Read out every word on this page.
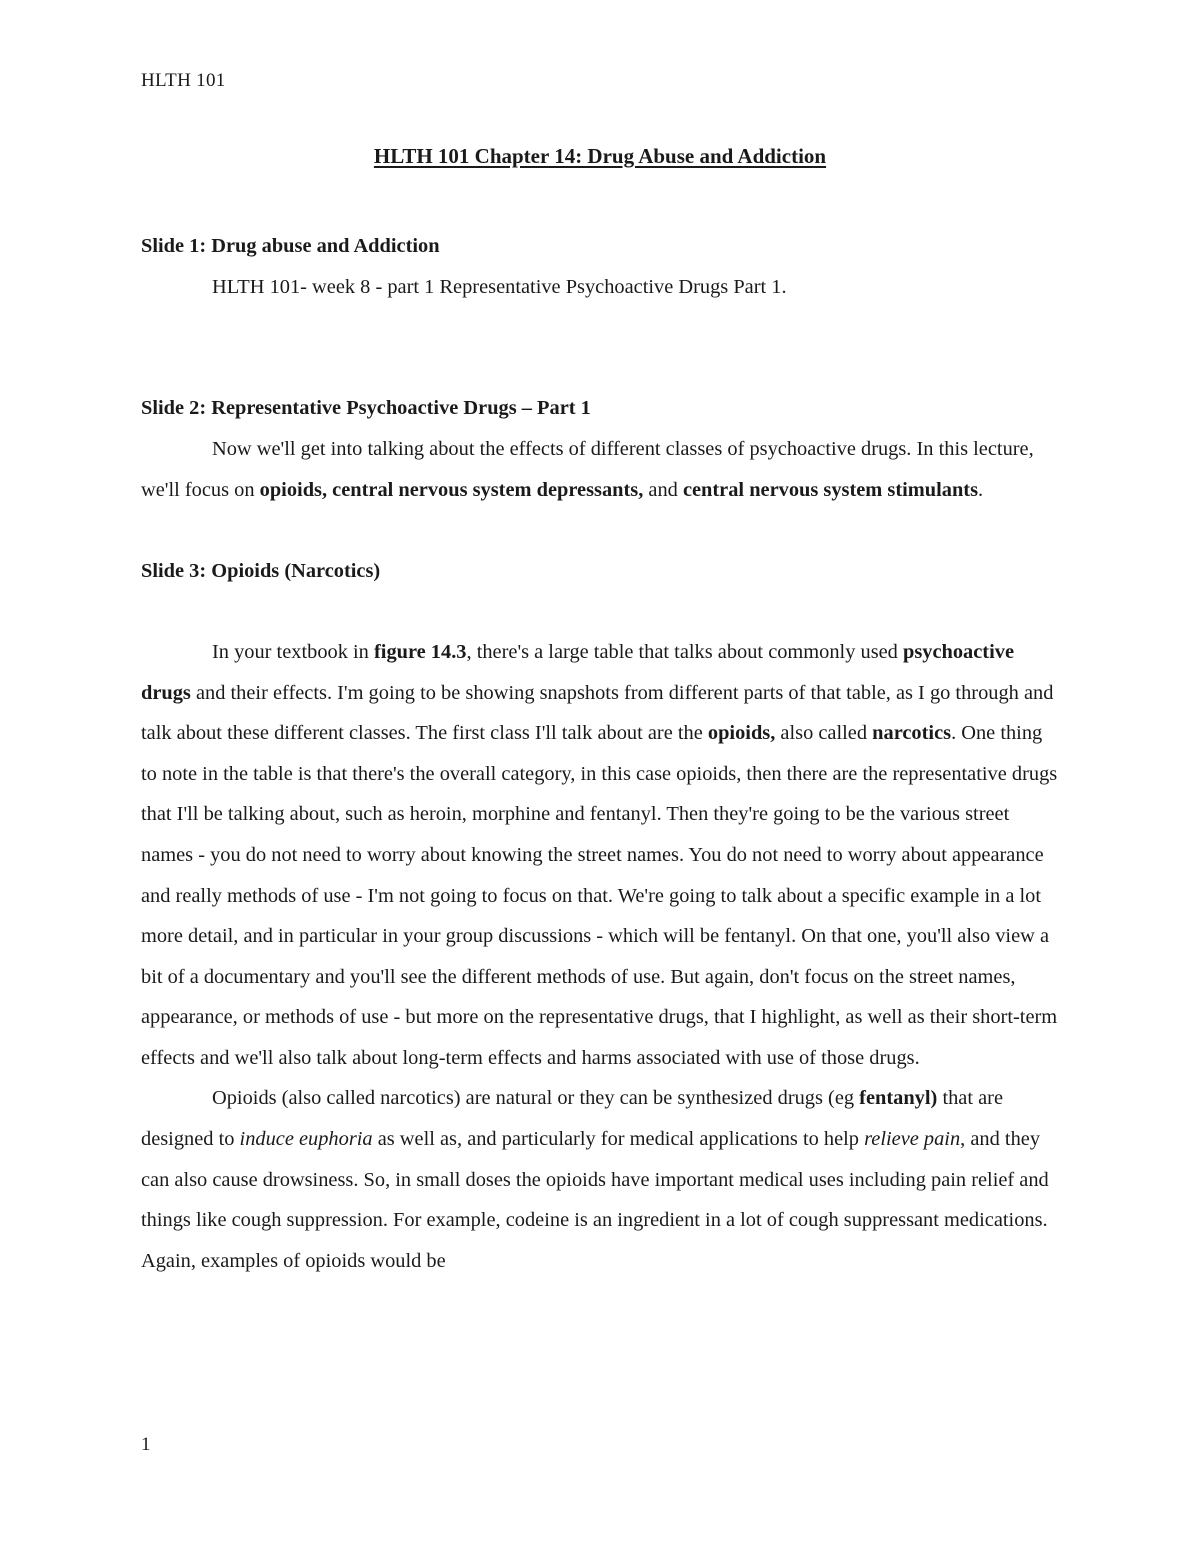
HLTH 101
HLTH 101 Chapter 14: Drug Abuse and Addiction

Slide 1: Drug abuse and Addiction

HLTH 101- week 8 - part 1 Representative Psychoactive Drugs Part 1.

Slide 2: Representative Psychoactive Drugs – Part 1

Now we'll get into talking about the effects of different classes of psychoactive drugs. In this lecture, we'll focus on opioids, central nervous system depressants, and central nervous system stimulants.

Slide 3: Opioids (Narcotics)

In your textbook in figure 14.3, there's a large table that talks about commonly used psychoactive drugs and their effects. I'm going to be showing snapshots from different parts of that table, as I go through and talk about these different classes. The first class I'll talk about are the opioids, also called narcotics. One thing to note in the table is that there's the overall category, in this case opioids, then there are the representative drugs that I'll be talking about, such as heroin, morphine and fentanyl. Then they're going to be the various street names - you do not need to worry about knowing the street names. You do not need to worry about appearance and really methods of use - I'm not going to focus on that. We're going to talk about a specific example in a lot more detail, and in particular in your group discussions - which will be fentanyl. On that one, you'll also view a bit of a documentary and you'll see the different methods of use. But again, don't focus on the street names, appearance, or methods of use - but more on the representative drugs, that I highlight, as well as their short-term effects and we'll also talk about long-term effects and harms associated with use of those drugs.

Opioids (also called narcotics) are natural or they can be synthesized drugs (eg fentanyl) that are designed to induce euphoria as well as, and particularly for medical applications to help relieve pain, and they can also cause drowsiness. So, in small doses the opioids have important medical uses including pain relief and things like cough suppression. For example, codeine is an ingredient in a lot of cough suppressant medications. Again, examples of opioids would be

1
